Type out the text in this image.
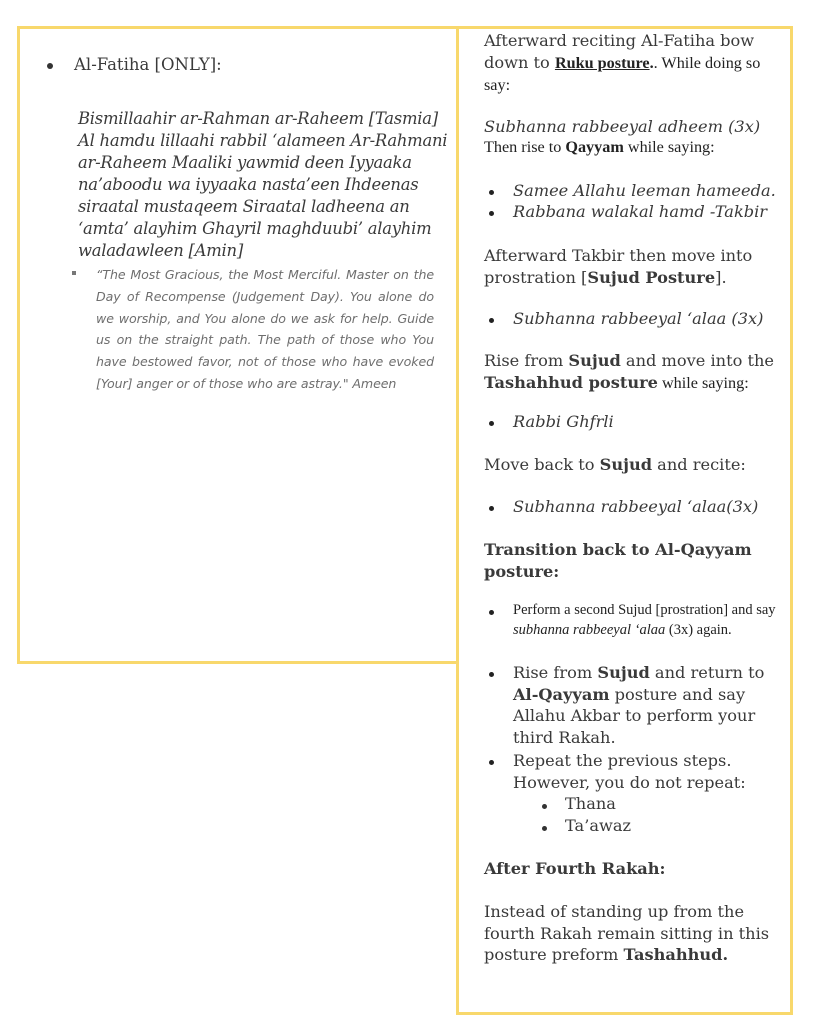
Al-Fatiha [ONLY]:
Bismillaahir ar-Rahman ar-Raheem [Tasmia]
Al hamdu lillaahi rabbil ‘alameen Ar-Rahmani
ar-Raheem Maaliki yawmid deen Iyyaaka
na’aboodu wa iyyaaka nasta’een Ihdeenas
siraatal mustaqeem Siraatal ladheena an
‘amta’ alayhim Ghayril maghduubi’ alayhim
waladawleen [Amin]
“The Most Gracious, the Most Merciful. Master on the Day of Recompense (Judgement Day). You alone do we worship, and You alone do we ask for help. Guide us on the straight path. The path of those who You have bestowed favor, not of those who have evoked [Your] anger or of those who are astray." Ameen
Afterward reciting Al-Fatiha bow down to Ruku posture.. While doing so say:
Subhanna rabbeeyal adheem (3x)
Then rise to Qayyam while saying:
Samee Allahu leeman hameeda.
Rabbana walakal hamd -Takbir
Afterward Takbir then move into prostration [Sujud Posture].
Subhanna rabbeeyal ‘alaa (3x)
Rise from Sujud and move into the Tashahhud posture while saying:
Rabbi Ghfrli
Move back to Sujud and recite:
Subhanna rabbeeyal ‘alaa(3x)
Transition back to Al-Qayyam posture:
Perform a second Sujud [prostration] and say subhanna rabbeeyal ‘alaa (3x) again.
Rise from Sujud and return to Al-Qayyam posture and say Allahu Akbar to perform your third Rakah.
Repeat the previous steps. However, you do not repeat:
Thana
Ta’awaz
After Fourth Rakah:
Instead of standing up from the fourth Rakah remain sitting in this posture preform Tashahhud.
